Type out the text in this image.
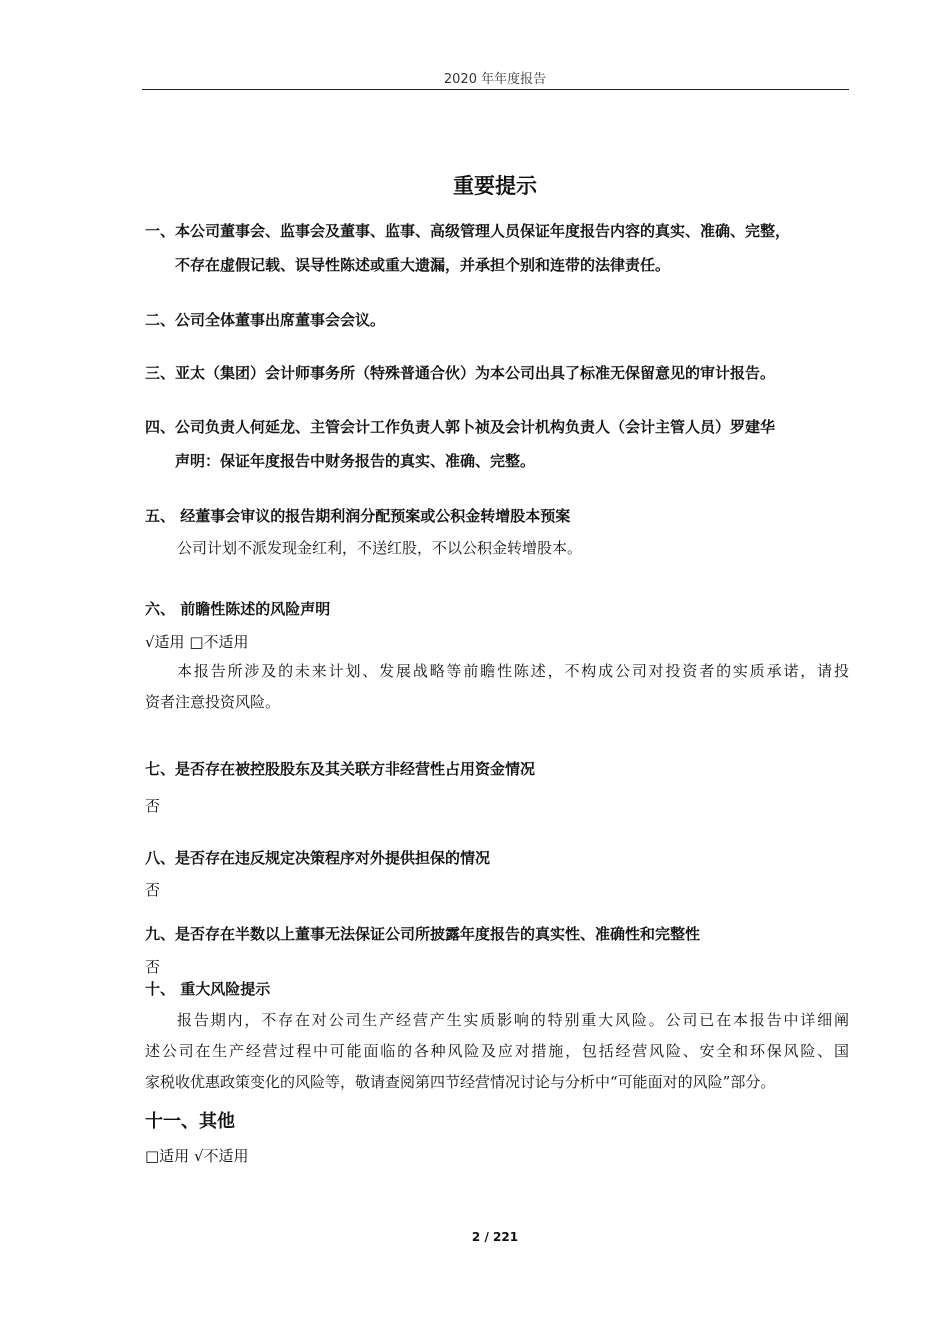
2020 年年度报告
重要提示
一、本公司董事会、监事会及董事、监事、高级管理人员保证年度报告内容的真实、准确、完整，
不存在虚假记载、误导性陈述或重大遗漏，并承担个别和连带的法律责任。
二、公司全体董事出席董事会会议。
三、亚太（集团）会计师事务所（特殊普通合伙）为本公司出具了标准无保留意见的审计报告。
四、公司负责人何延龙、主管会计工作负责人郭卜祯及会计机构负责人（会计主管人员）罗建华
声明：保证年度报告中财务报告的真实、准确、完整。
五、 经董事会审议的报告期利润分配预案或公积金转增股本预案
公司计划不派发现金红利，不送红股，不以公积金转增股本。
六、 前瞻性陈述的风险声明
√适用 □不适用
本报告所涉及的未来计划、发展战略等前瞻性陈述，不构成公司对投资者的实质承诺，请投
资者注意投资风险。
七、是否存在被控股股东及其关联方非经营性占用资金情况
否
八、是否存在违反规定决策程序对外提供担保的情况
否
九、是否存在半数以上董事无法保证公司所披露年度报告的真实性、准确性和完整性
否
十、 重大风险提示
报告期内，不存在对公司生产经营产生实质影响的特别重大风险。公司已在本报告中详细阐
述公司在生产经营过程中可能面临的各种风险及应对措施，包括经营风险、安全和环保风险、国
家税收优惠政策变化的风险等，敬请查阅第四节经营情况讨论与分析中“可能面对的风险”部分。
十一、其他
□适用 √不适用
2 / 221
